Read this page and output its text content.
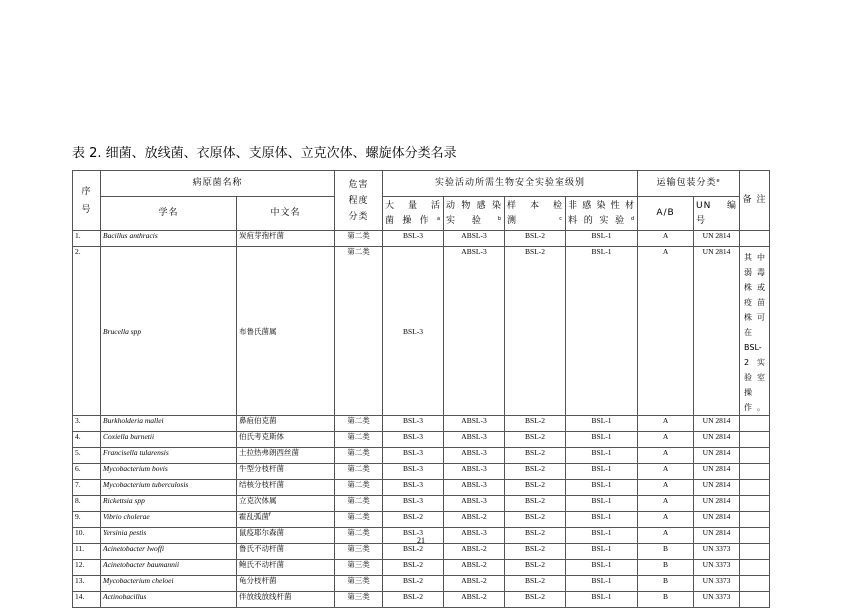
表 2. 细菌、放线菌、衣原体、支原体、立克次体、螺旋体分类名录
序
号	病原菌名称		危害
程度
分类	实验活动所需生物安全实验室级别				运输包装分类$^e$		备 注
	学名	中文名		大量活
菌操作$^a$	动物感染
实验$^b$	样本检
测$^c$	非感染性材
料的实验$^d$	A/B	UN 编
号	
1.	Bacillus anthracis	炭疽芽孢杆菌	第二类	BSL-3	ABSL-3	BSL-2	BSL-1	A	UN 2814	
2.	Brucella spp	布鲁氏菌属	第二类	BSL-3	ABSL-3	BSL-2	BSL-1	A	UN 2814	其中弱毒株或疫苗株可在 BSL-2 实验室操作。

3.	Burkholderia mallei	鼻疽伯克菌	第二类	BSL-3	ABSL-3	BSL-2	BSL-1	A	UN 2814	
4.	Coxiella burnetii	伯氏考克斯体	第二类	BSL-3	ABSL-3	BSL-2	BSL-1	A	UN 2814	
5.	Francisella tularensis	土拉热弗朗西丝菌	第二类	BSL-3	ABSL-3	BSL-2	BSL-1	A	UN 2814	
6.	Mycobacterium bovis	牛型分枝杆菌	第二类	BSL-3	ABSL-3	BSL-2	BSL-1	A	UN 2814	
7.	Mycobacterium tuberculosis	结核分枝杆菌	第二类	BSL-3	ABSL-3	BSL-2	BSL-1	A	UN 2814	
8.	Rickettsia spp	立克次体属	第二类	BSL-3	ABSL-3	BSL-2	BSL-1	A	UN 2814	
9.	Vibrio cholerae	霍乱弧菌$^f$	第二类	BSL-2	ABSL-2	BSL-2	BSL-1	A	UN 2814	
10.	Yersinia pestis	鼠疫耶尔森菌	第二类	BSL-3	ABSL-3	BSL-2	BSL-1	A	UN 2814	
11.	Acinetobacter lwoffi	鲁氏不动杆菌	第三类	BSL-2	ABSL-2	BSL-2	BSL-1	B	UN 3373	
12.	Acinetobacter baumannii	鲍氏不动杆菌	第三类	BSL-2	ABSL-2	BSL-2	BSL-1	B	UN 3373	
13.	Mycobacterium cheloei	龟分枝杆菌	第三类	BSL-2	ABSL-2	BSL-2	BSL-1	B	UN 3373	
14.	Actinobacillus	伴放线放线杆菌	第三类	BSL-2	ABSL-2	BSL-2	BSL-1	B	UN 3373	
21
